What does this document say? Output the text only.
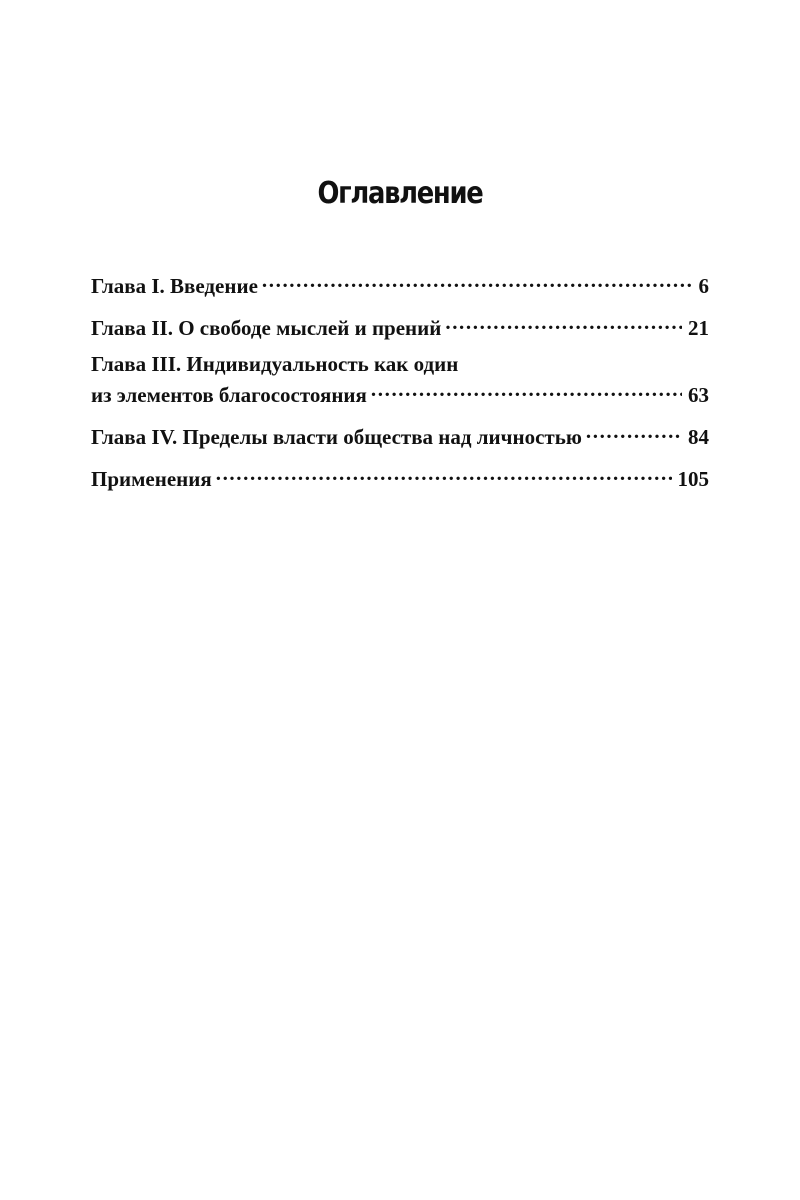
Оглавление
Глава I. Введение .....	6
Глава II. О свободе мыслей и прений .....	21
Глава III. Индивидуальность как один
из элементов благосостояния .....	63
Глава IV. Пределы власти общества над личностью .....	84
Применения .....	105
